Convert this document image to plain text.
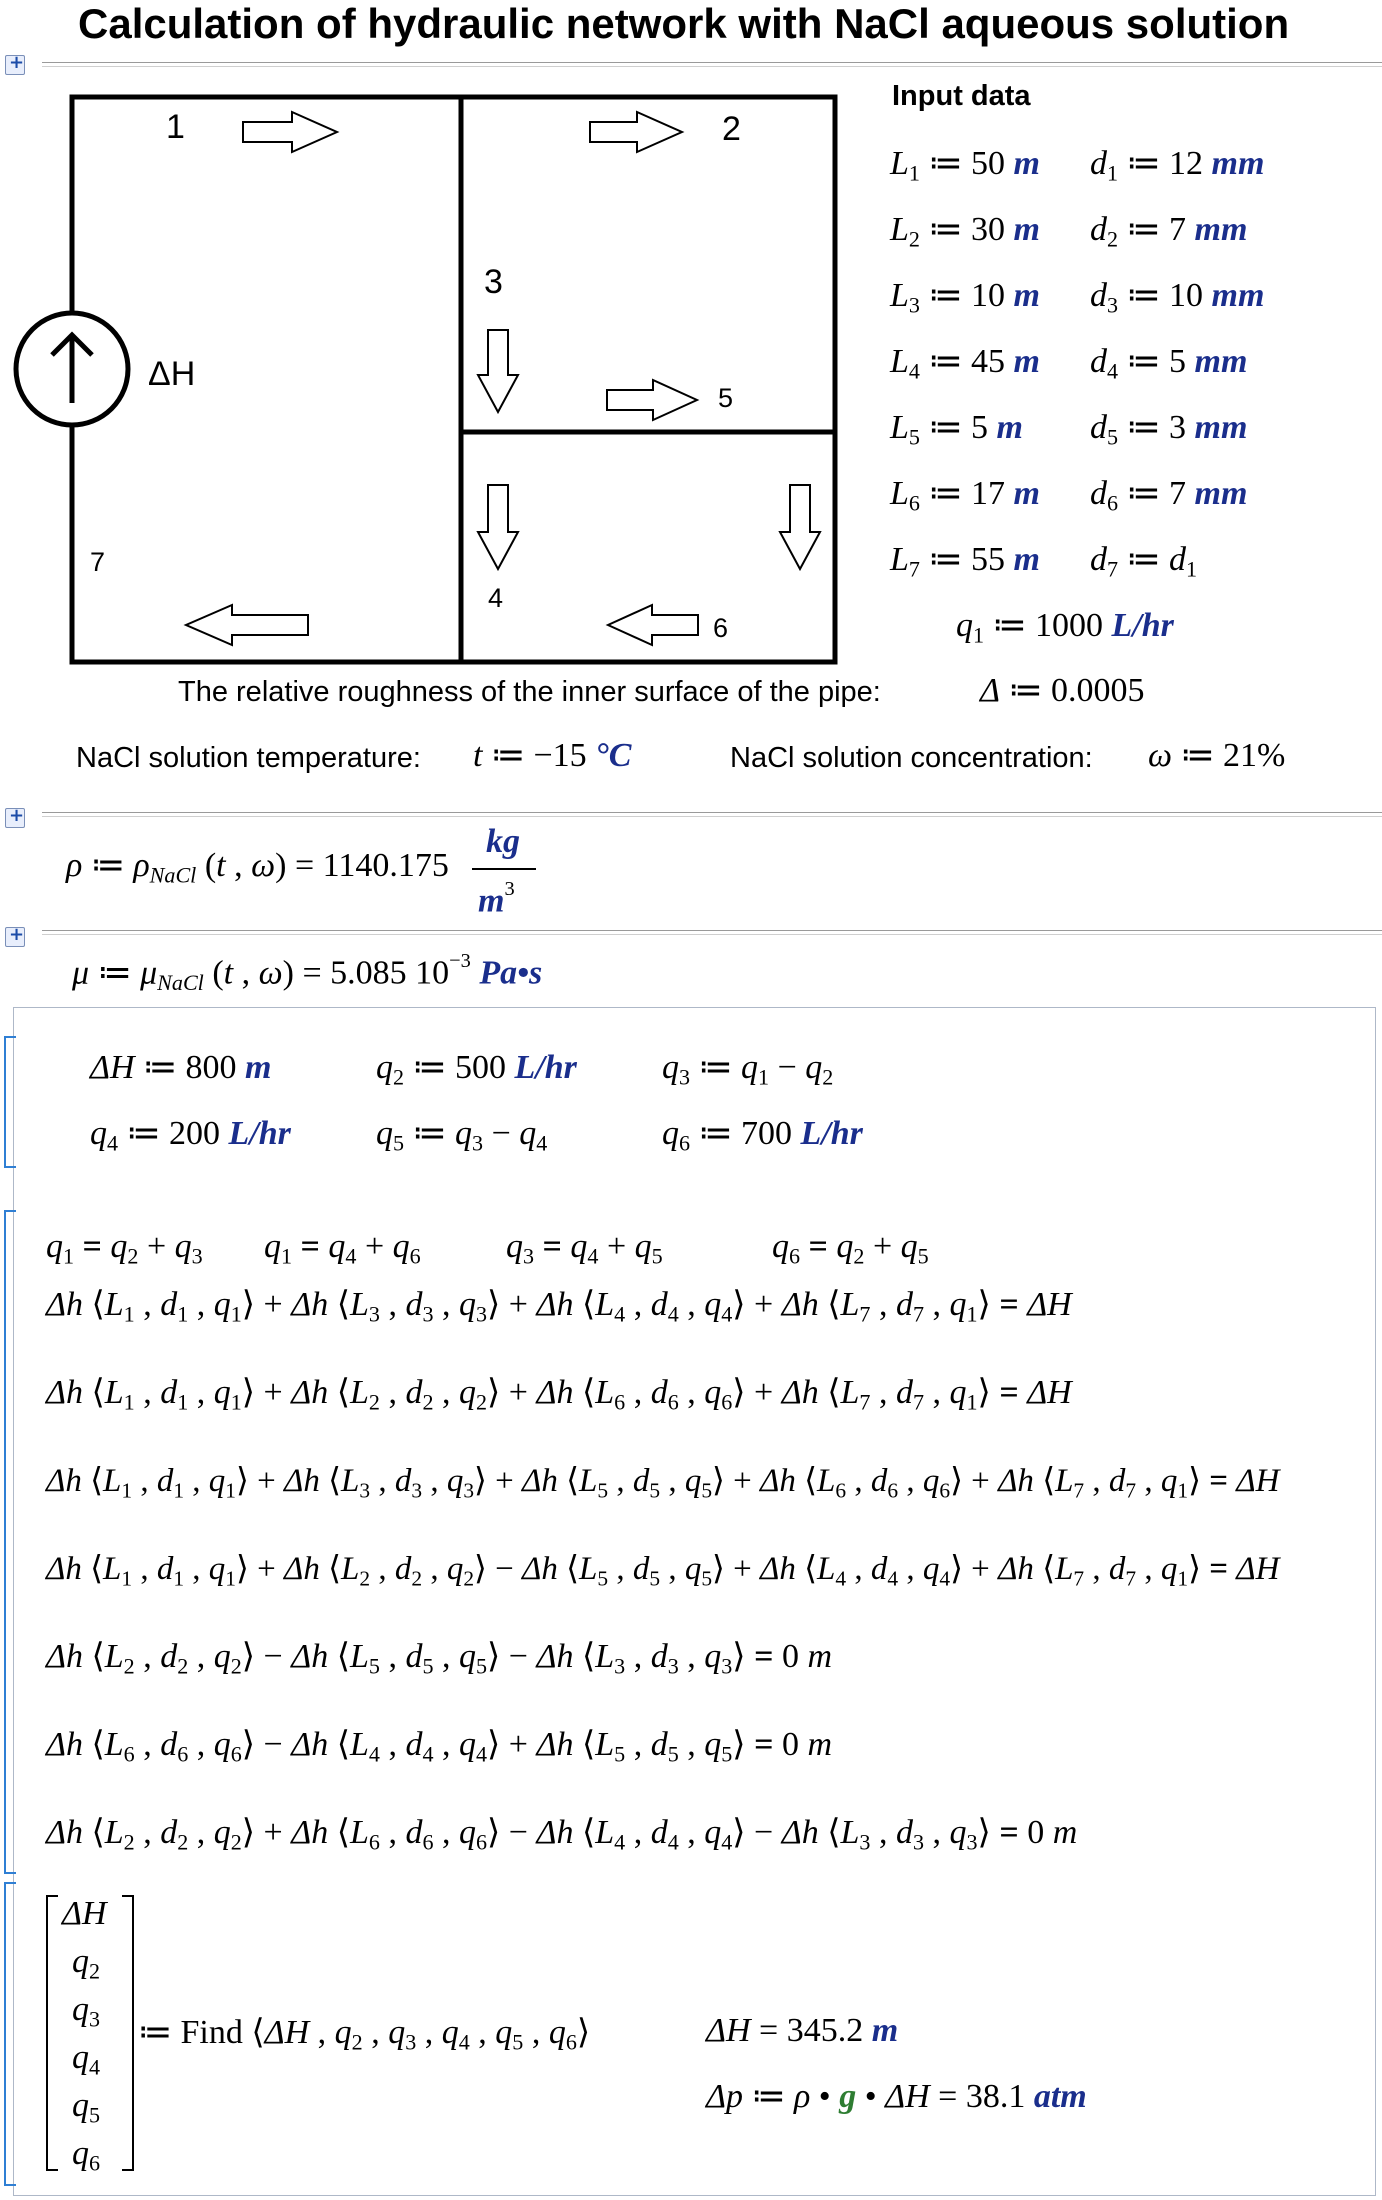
Calculation of hydraulic network with NaCl aqueous solution
+
1	2
3
4
5
6
7
ΔH
Input data
$L_1$ ≔ 50 m $d_1$ ≔ 12 mm
$L_2$ ≔ 30 m $d_2$ ≔ 7 mm
$L_3$ ≔ 10 m $d_3$ ≔ 10 mm
$L_4$ ≔ 45 m $d_4$ ≔ 5 mm
$L_5$ ≔ 5 m $d_5$ ≔ 3 mm
$L_6$ ≔ 17 m $d_6$ ≔ 7 mm
$L_7$ ≔ 55 m $d_7$ ≔ $d_1$
$q_1$ ≔ 1000 L/hr
The relative roughness of the inner surface of the pipe:	Δ ≔ 0.0005
NaCl solution temperature: t ≔ −15 °C	NaCl solution concentration: ω ≔ 21%
+
ρ ≔ $\rho_{NaCl}$ (t , ω) = 1140.175
kg
$m^3$
+
μ ≔ $\mu_{NaCl}$ (t , ω) = 5.085 $10^{-3}$ Pa•s
ΔH ≔ 800 m	$q_2$ ≔ 500 L/hr	$q_3$ ≔ $q_1 - q_2$
$q_4$ ≔ 200 L/hr	$q_5$ ≔ $q_3 - q_4$	$q_6$ ≔ 700 L/hr
$q_1 = q_2 + q_3$ $q_1 = q_4 + q_6$	$q_3 = q_4 + q_5$	$q_6 = q_2 + q_5$
Δh $⟨L_1$ , $d_1$ , $q_1⟩ + \Delta h$ $⟨L_3$ , $d_3$ , $q_3⟩ + \Delta h$ $⟨L_4$ , $d_4$ , $q_4⟩ + \Delta h$ $⟨L_7$ , $d_7$ , $q_1⟩ = \Delta H$
Δh $⟨L_1$ , $d_1$ , $q_1⟩ + \Delta h$ $⟨L_2$ , $d_2$ , $q_2⟩ + \Delta h$ $⟨L_6$ , $d_6$ , $q_6⟩ + \Delta h$ $⟨L_7$ , $d_7$ , $q_1⟩ = \Delta H$
Δh $⟨L_1$ , $d_1$ , $q_1⟩ + \Delta h$ $⟨L_3$ , $d_3$ , $q_3⟩ + \Delta h$ $⟨L_5$ , $d_5$ , $q_5⟩ + \Delta h$ $⟨L_6$ , $d_6$ , $q_6⟩ + \Delta h$ $⟨L_7$ , $d_7$ , $q_1⟩ = \Delta H$
Δh $⟨L_1$ , $d_1$ , $q_1⟩ + \Delta h$ $⟨L_2$ , $d_2$ , $q_2⟩ - \Delta h$ $⟨L_5$ , $d_5$ , $q_5⟩ + \Delta h$ $⟨L_4$ , $d_4$ , $q_4⟩ + \Delta h$ $⟨L_7$ , $d_7$ , $q_1⟩ = \Delta H$
Δh $⟨L_2$ , $d_2$ , $q_2⟩ - \Delta h$ $⟨L_5$ , $d_5$ , $q_5⟩ - \Delta h$ $⟨L_3$ , $d_3$ , $q_3⟩ = 0$ m
Δh $⟨L_6$ , $d_6$ , $q_6⟩ - \Delta h$ $⟨L_4$ , $d_4$ , $q_4⟩ + \Delta h$ $⟨L_5$ , $d_5$ , $q_5⟩ = 0$ m
Δh $⟨L_2$ , $d_2$ , $q_2⟩ + \Delta h$ $⟨L_6$ , $d_6$ , $q_6⟩ - \Delta h$ $⟨L_4$ , $d_4$ , $q_4⟩ - \Delta h$ $⟨L_3$ , $d_3$ , $q_3⟩ = 0$ m
ΔH
$q_2$
$q_3$
$q_4$
$q_5$
$q_6$
≔ Find ⟨ΔH , $q_2$ , $q_3$ , $q_4$ , $q_5$ , $q_6⟩$	ΔH = 345.2 m
Δp ≔ ρ • g • ΔH = 38.1 atm
